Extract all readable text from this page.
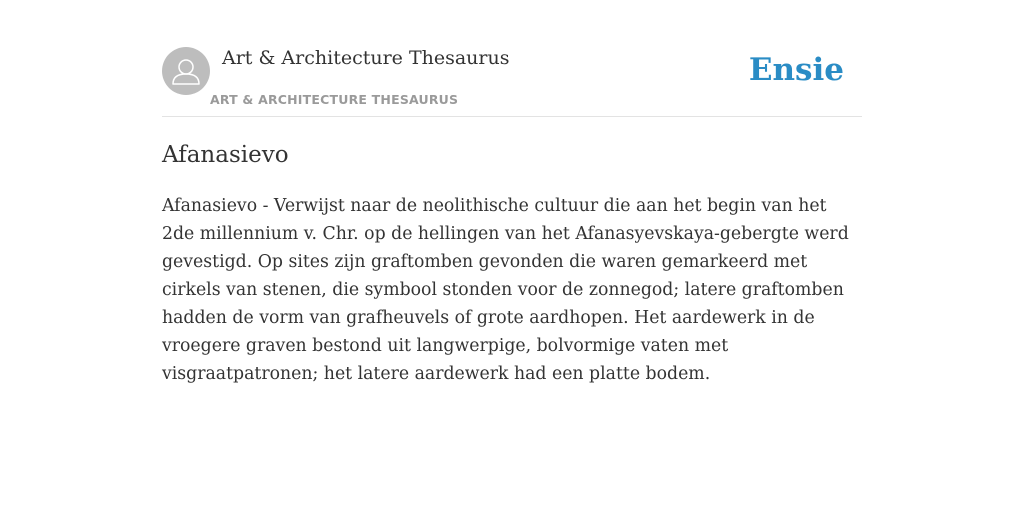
Art & Architecture Thesaurus
ART & ARCHITECTURE THESAURUS
Ensie
Afanasievo

Afanasievo - Verwijst naar de neolithische cultuur die aan het begin van het 2de millennium v. Chr. op de hellingen van het Afanasyevskaya-gebergte werd gevestigd. Op sites zijn graftomben gevonden die waren gemarkeerd met cirkels van stenen, die symbool stonden voor de zonnegod; latere graftomben hadden de vorm van grafheuvels of grote aardhopen. Het aardewerk in de vroegere graven bestond uit langwerpige, bolvormige vaten met visgraatpatronen; het latere aardewerk had een platte bodem.
